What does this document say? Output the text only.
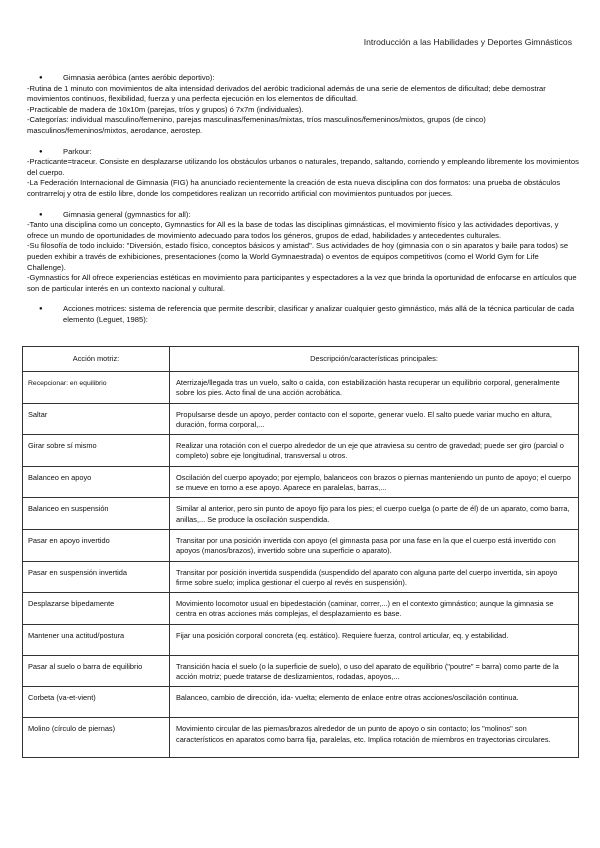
Introducción a las Habilidades y Deportes Gimnásticos
● Gimnasia aeróbica (antes aeróbic deportivo):

-Rutina de 1 minuto con movimientos de alta intensidad derivados del aeróbic tradicional además de una serie de elementos de dificultad; debe demostrar movimientos continuos, flexibilidad, fuerza y una perfecta ejecución en los elementos de dificultad.

-Practicable de madera de 10x10m (parejas, tríos y grupos) ó 7x7m (individuales).

-Categorías: individual masculino/femenino, parejas masculinas/femeninas/mixtas, tríos masculinos/femeninos/mixtos, grupos (de cinco) masculinos/femeninos/mixtos, aerodance, aerostep.

● Parkour:

-Practicante=traceur. Consiste en desplazarse utilizando los obstáculos urbanos o naturales, trepando, saltando, corriendo y empleando libremente los movimientos del cuerpo.

-La Federación Internacional de Gimnasia (FIG) ha anunciado recientemente la creación de esta nueva disciplina con dos formatos: una prueba de obstáculos contrarreloj y otra de estilo libre, donde los competidores realizan un recorrido artificial con movimientos puntuados por jueces.

● Gimnasia general (gymnastics for all):

-Tanto una disciplina como un concepto, Gymnastics for All es la base de todas las disciplinas gimnásticas, el movimiento físico y las actividades deportivas, y ofrece un mundo de oportunidades de movimiento adecuado para todos los géneros, grupos de edad, habilidades y antecedentes culturales.

-Su filosofía de todo incluido: "Diversión, estado físico, conceptos básicos y amistad". Sus actividades de hoy (gimnasia con o sin aparatos y baile para todos) se pueden exhibir a través de exhibiciones, presentaciones (como la World Gymnaestrada) o eventos de equipos competitivos (como el World Gym for Life Challenge).

-Gymnastics for All ofrece experiencias estéticas en movimiento para participantes y espectadores a la vez que brinda la oportunidad de enfocarse en artículos que son de particular interés en un contexto nacional y cultural.

● Acciones motrices: sistema de referencia que permite describir, clasificar y analizar cualquier gesto gimnástico, más allá de la técnica particular de cada elemento (Leguet, 1985):
Acción motriz:	Descripción/características principales:
Recepcionar: en equilibrio	Aterrizaje/llegada tras un vuelo, salto o caída, con estabilización hasta recuperar un equilibrio corporal, generalmente sobre los pies. Acto final de una acción acrobática.
Saltar	Propulsarse desde un apoyo, perder contacto con el soporte, generar vuelo. El salto puede variar mucho en altura, duración, forma corporal,...
Girar sobre sí mismo	Realizar una rotación con el cuerpo alrededor de un eje que atraviesa su centro de gravedad; puede ser giro (parcial o completo) sobre eje longitudinal, transversal u otros.
Balanceo en apoyo	Oscilación del cuerpo apoyado; por ejemplo, balanceos con brazos o piernas manteniendo un punto de apoyo; el cuerpo se mueve en torno a ese apoyo. Aparece en paralelas, barras,...
Balanceo en suspensión	Similar al anterior, pero sin punto de apoyo fijo para los pies; el cuerpo cuelga (o parte de él) de un aparato, como barra, anillas,... Se produce la oscilación suspendida.
Pasar en apoyo invertido	Transitar por una posición invertida con apoyo (el gimnasta pasa por una fase en la que el cuerpo está invertido con apoyos (manos/brazos), invertido sobre una superficie o aparato).
Pasar en suspensión invertida	Transitar por posición invertida suspendida (suspendido del aparato con alguna parte del cuerpo invertida, sin apoyo firme sobre suelo; implica gestionar el cuerpo al revés en suspensión).
Desplazarse bípedamente	Movimiento locomotor usual en bipedestación (caminar, correr,...) en el contexto gimnástico; aunque la gimnasia se centra en otras acciones más complejas, el desplazamiento es base.
Mantener una actitud/postura	Fijar una posición corporal concreta (eq. estático). Requiere fuerza, control articular, eq. y estabilidad.
Pasar al suelo o barra de equilibrio	Transición hacia el suelo (o la superficie de suelo), o uso del aparato de equilibrio ("poutre" = barra) como parte de la acción motriz; puede tratarse de deslizamientos, rodadas, apoyos,...
Corbeta (va-et-vient)	Balanceo, cambio de dirección, ida- vuelta; elemento de enlace entre otras acciones/oscilación continua.
Molino (círculo de piernas)	Movimiento circular de las piernas/brazos alrededor de un punto de apoyo o sin contacto; los "molinos" son característicos en aparatos como barra fija, paralelas, etc. Implica rotación de miembros en trayectorias circulares.
